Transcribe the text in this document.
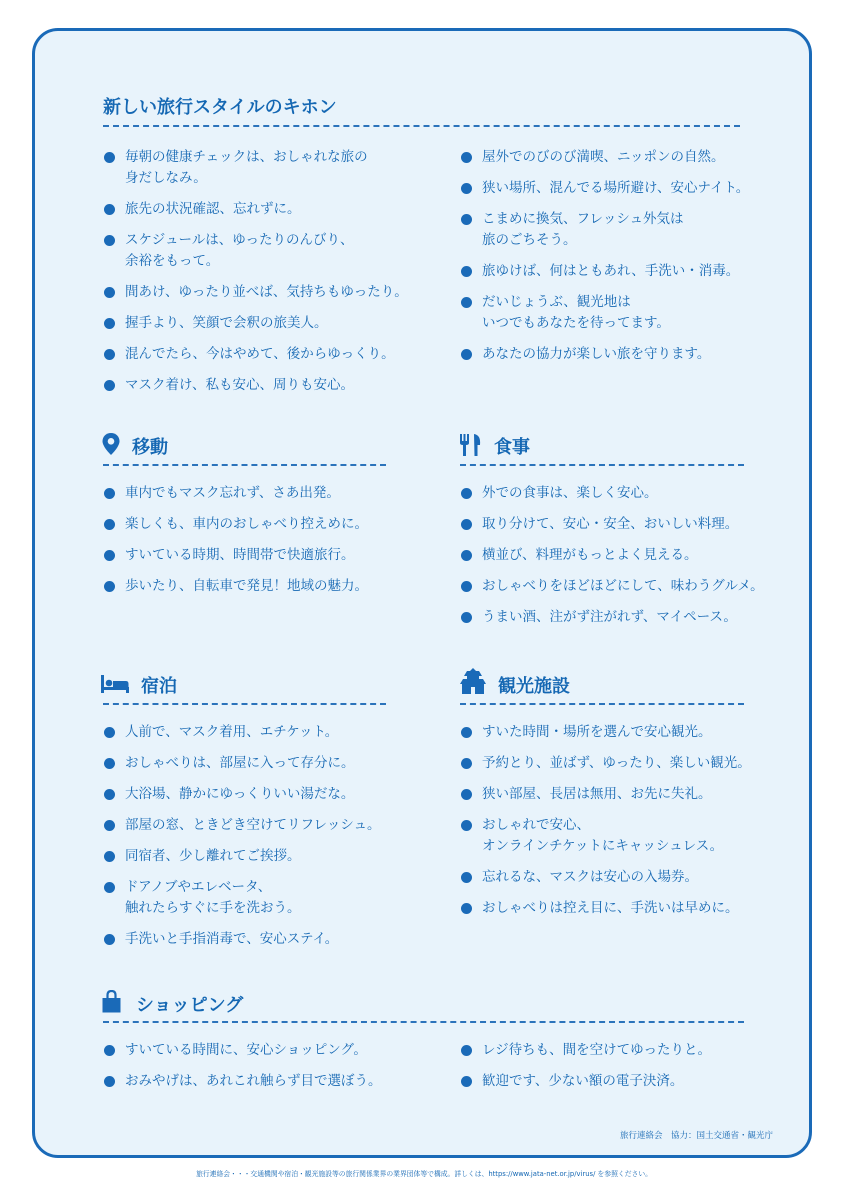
新しい旅行スタイルのキホン
毎朝の健康チェックは、おしゃれな旅の
身だしなみ。
旅先の状況確認、忘れずに。
スケジュールは、ゆったりのんびり、
余裕をもって。
間あけ、ゆったり並べば、気持ちもゆったり。
握手より、笑顔で会釈の旅美人。
混んでたら、今はやめて、後からゆっくり。
マスク着け、私も安心、周りも安心。
屋外でのびのび満喫、ニッポンの自然。
狭い場所、混んでる場所避け、安心ナイト。
こまめに換気、フレッシュ外気は
旅のごちそう。
旅ゆけば、何はともあれ、手洗い・消毒。
だいじょうぶ、観光地は
いつでもあなたを待ってます。
あなたの協力が楽しい旅を守ります。
移動
車内でもマスク忘れず、さあ出発。
楽しくも、車内のおしゃべり控えめに。
すいている時期、時間帯で快適旅行。
歩いたり、自転車で発見！地域の魅力。
食事
外での食事は、楽しく安心。
取り分けて、安心・安全、おいしい料理。
横並び、料理がもっとよく見える。
おしゃべりをほどほどにして、味わうグルメ。
うまい酒、注がず注がれず、マイペース。
宿泊
人前で、マスク着用、エチケット。
おしゃべりは、部屋に入って存分に。
大浴場、静かにゆっくりいい湯だな。
部屋の窓、ときどき空けてリフレッシュ。
同宿者、少し離れてご挨拶。
ドアノブやエレベータ、
触れたらすぐに手を洗おう。
手洗いと手指消毒で、安心ステイ。
観光施設
すいた時間・場所を選んで安心観光。
予約とり、並ばず、ゆったり、楽しい観光。
狭い部屋、長居は無用、お先に失礼。
おしゃれで安心、
オンラインチケットにキャッシュレス。
忘れるな、マスクは安心の入場券。
おしゃべりは控え目に、手洗いは早めに。
ショッピング
すいている時間に、安心ショッピング。
おみやげは、あれこれ触らず目で選ぼう。
レジ待ちも、間を空けてゆったりと。
歓迎です、少ない額の電子決済。
旅行連絡会　協力：国土交通省・観光庁
旅行連絡会・・・交通機関や宿泊・観光施設等の旅行関係業界の業界団体等で構成。詳しくは、https://www.jata-net.or.jp/virus/ を参照ください。
